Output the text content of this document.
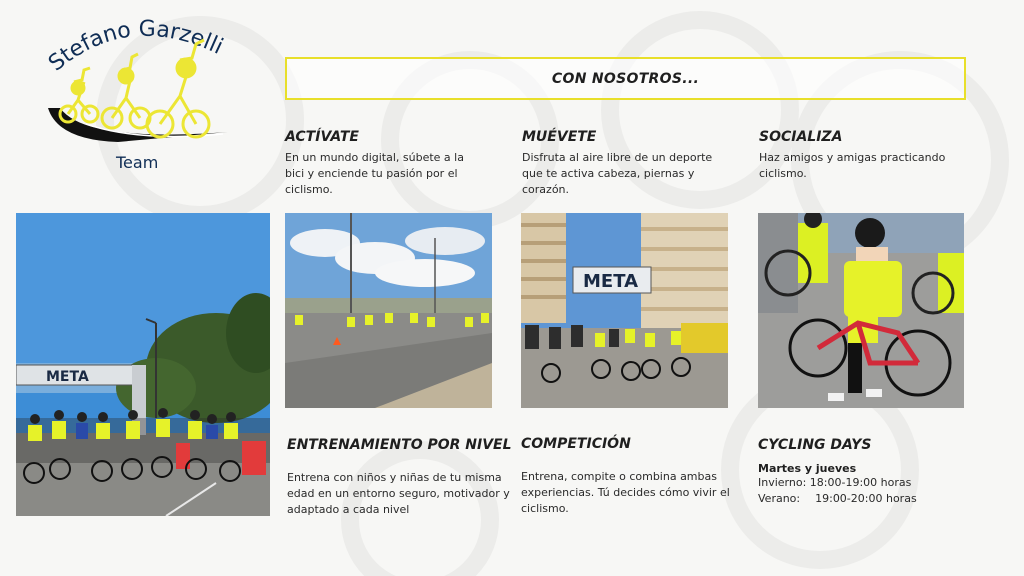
Stefano Garzelli
Team
CON NOSOTROS...
ACTÍVATE
En un mundo digital, súbete a la bici y enciende tu pasión por el ciclismo.
MUÉVETE
Disfruta al aire libre de un deporte que te activa cabeza, piernas y corazón.
SOCIALIZA
Haz amigos y amigas practicando ciclismo.
META
META
ENTRENAMIENTO POR NIVEL
Entrena con niños y niñas de tu misma edad en un entorno seguro, motivador y adaptado a cada nivel
COMPETICIÓN
Entrena, compite o combina ambas experiencias. Tú decides cómo vivir el ciclismo.
CYCLING DAYS
Martes y jueves
Invierno: 18:00-19:00 horas
Verano: 19:00-20:00 horas
